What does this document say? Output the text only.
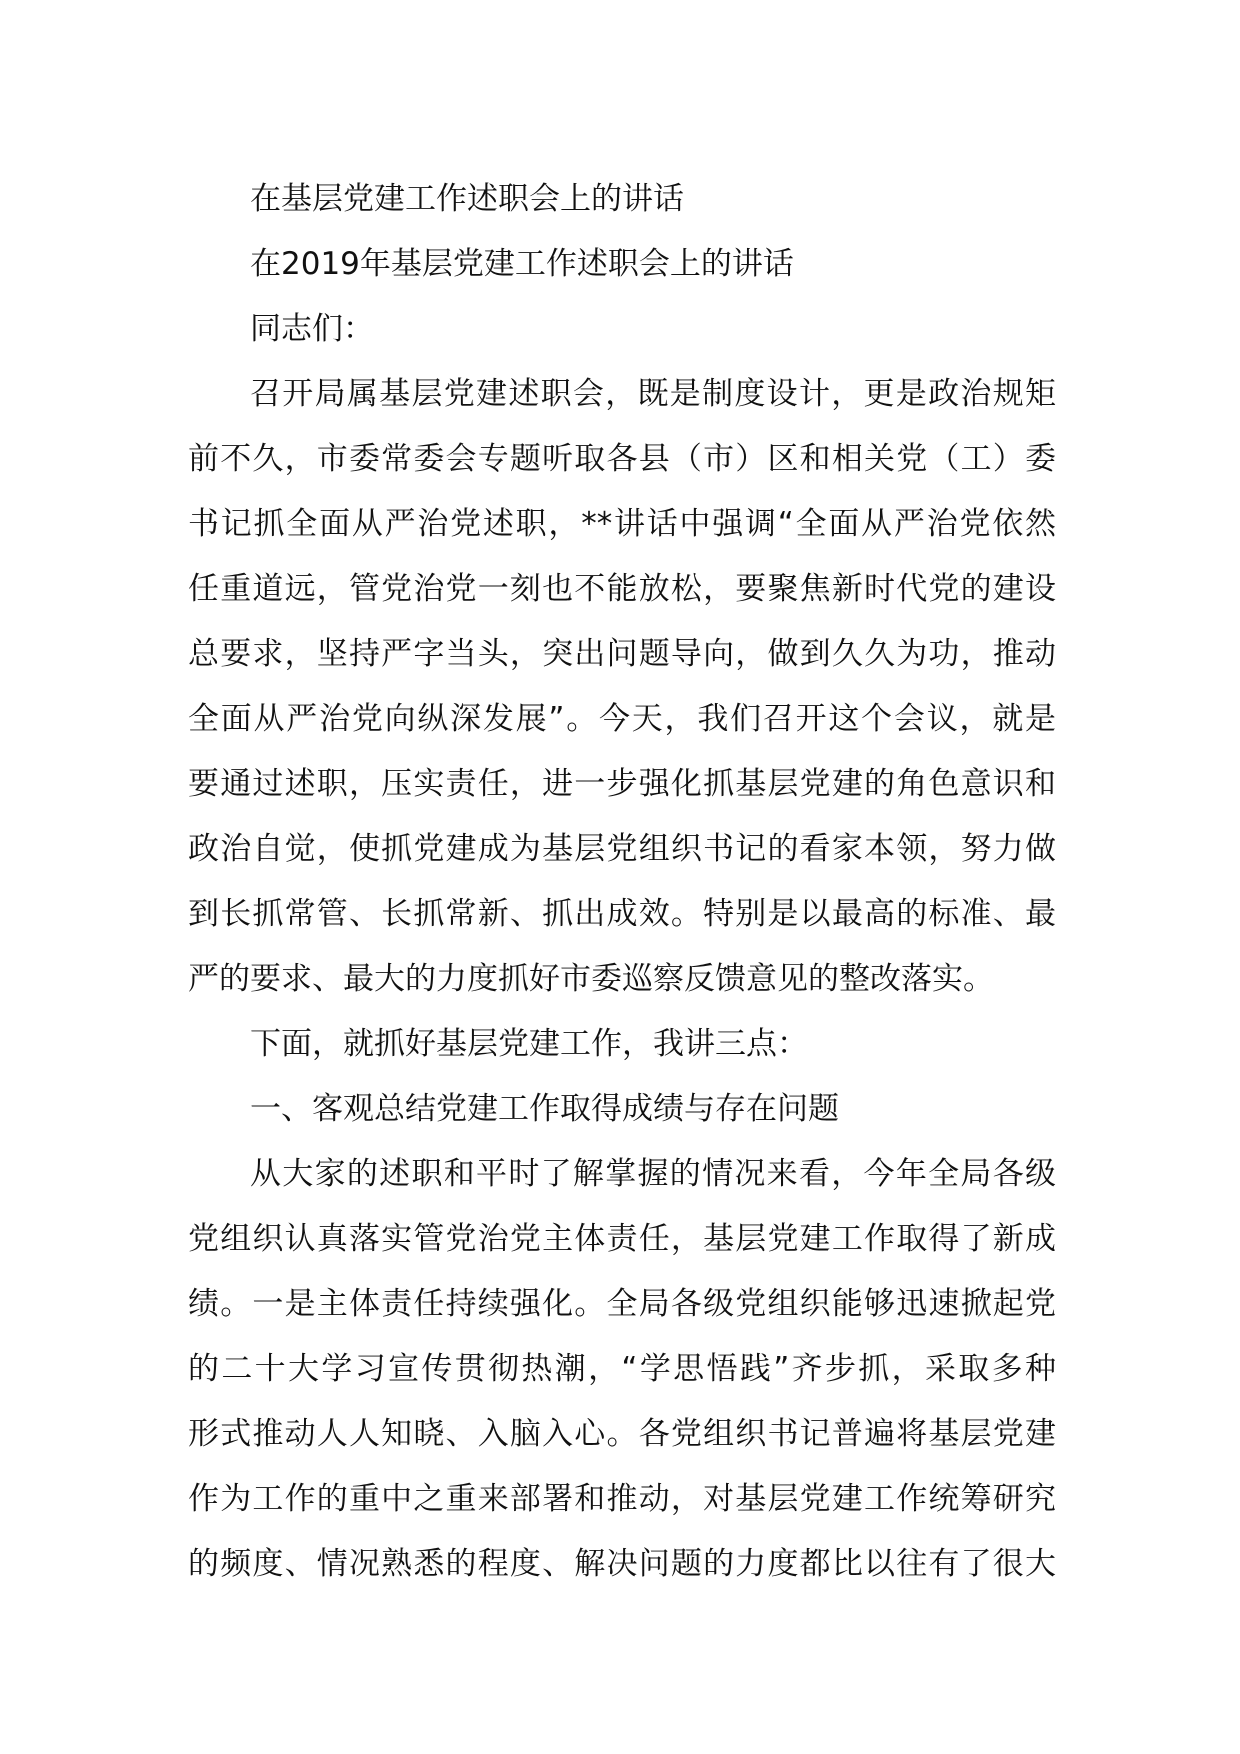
在基层党建工作述职会上的讲话
在2019年基层党建工作述职会上的讲话
同志们：
召开局属基层党建述职会，既是制度设计，更是政治规矩
前不久，市委常委会专题听取各县（市）区和相关党（工）委
书记抓全面从严治党述职，**讲话中强调“全面从严治党依然
任重道远，管党治党一刻也不能放松，要聚焦新时代党的建设
总要求，坚持严字当头，突出问题导向，做到久久为功，推动
全面从严治党向纵深发展”。今天，我们召开这个会议，就是
要通过述职，压实责任，进一步强化抓基层党建的角色意识和
政治自觉，使抓党建成为基层党组织书记的看家本领，努力做
到长抓常管、长抓常新、抓出成效。特别是以最高的标准、最
严的要求、最大的力度抓好市委巡察反馈意见的整改落实。
下面，就抓好基层党建工作，我讲三点：
一、客观总结党建工作取得成绩与存在问题
从大家的述职和平时了解掌握的情况来看，今年全局各级
党组织认真落实管党治党主体责任，基层党建工作取得了新成
绩。一是主体责任持续强化。全局各级党组织能够迅速掀起党
的二十大学习宣传贯彻热潮，“学思悟践”齐步抓，采取多种
形式推动人人知晓、入脑入心。各党组织书记普遍将基层党建
作为工作的重中之重来部署和推动，对基层党建工作统筹研究
的频度、情况熟悉的程度、解决问题的力度都比以往有了很大
